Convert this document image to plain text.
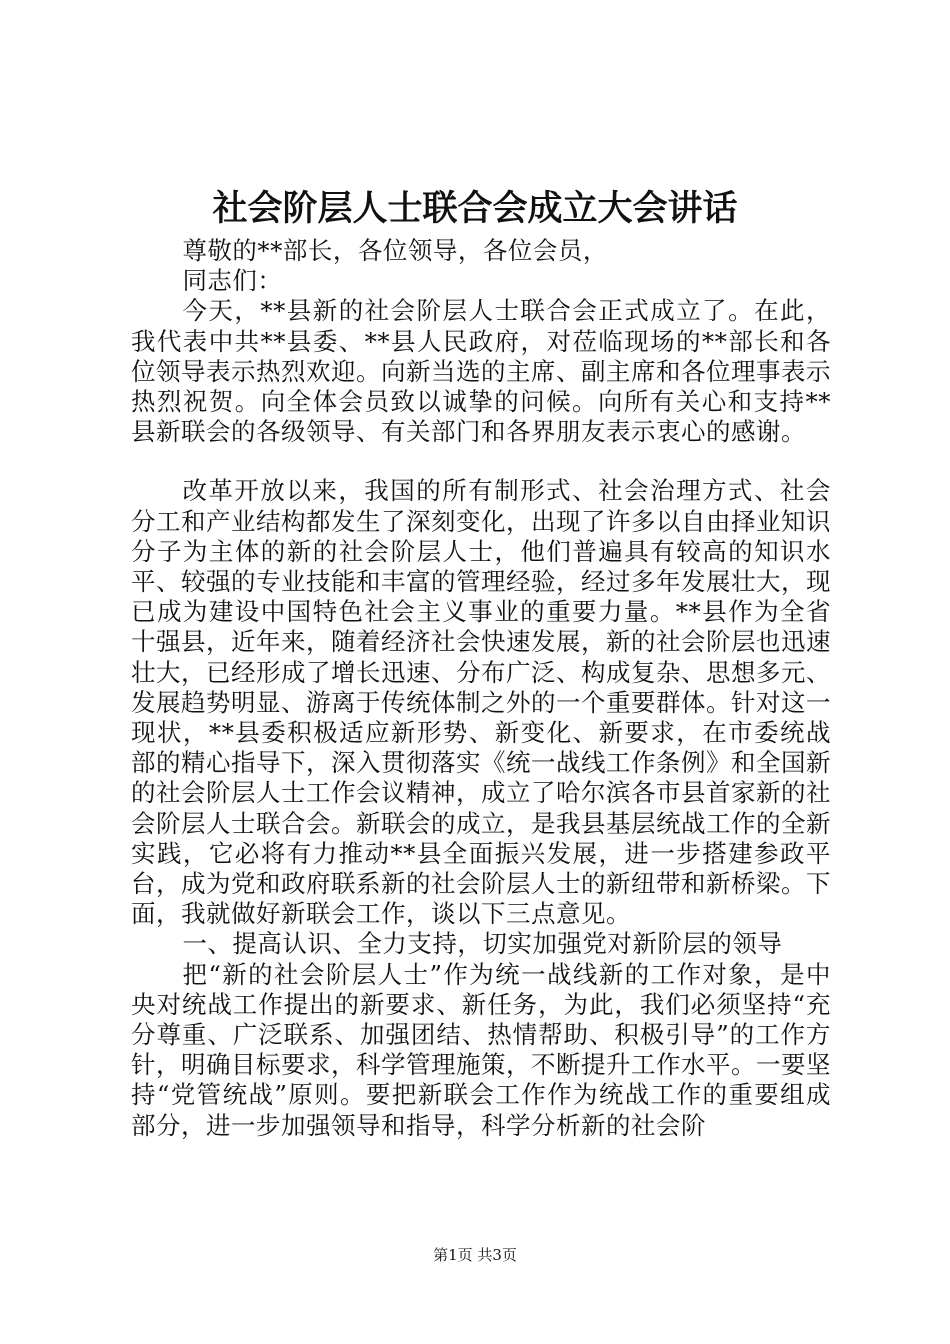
社会阶层人士联合会成立大会讲话

尊敬的**部长，各位领导，各位会员，

同志们：

今天，**县新的社会阶层人士联合会正式成立了。在此，我代表中共**县委、**县人民政府，对莅临现场的**部长和各位领导表示热烈欢迎。向新当选的主席、副主席和各位理事表示热烈祝贺。向全体会员致以诚挚的问候。向所有关心和支持**县新联会的各级领导、有关部门和各界朋友表示衷心的感谢。

改革开放以来，我国的所有制形式、社会治理方式、社会分工和产业结构都发生了深刻变化，出现了许多以自由择业知识分子为主体的新的社会阶层人士，他们普遍具有较高的知识水平、较强的专业技能和丰富的管理经验，经过多年发展壮大，现已成为建设中国特色社会主义事业的重要力量。**县作为全省十强县，近年来，随着经济社会快速发展，新的社会阶层也迅速壮大，已经形成了增长迅速、分布广泛、构成复杂、思想多元、发展趋势明显、游离于传统体制之外的一个重要群体。针对这一现状，**县委积极适应新形势、新变化、新要求，在市委统战部的精心指导下，深入贯彻落实《统一战线工作条例》和全国新的社会阶层人士工作会议精神，成立了哈尔滨各市县首家新的社会阶层人士联合会。新联会的成立，是我县基层统战工作的全新实践，它必将有力推动**县全面振兴发展，进一步搭建参政平台，成为党和政府联系新的社会阶层人士的新纽带和新桥梁。下面，我就做好新联会工作，谈以下三点意见。

一、提高认识、全力支持，切实加强党对新阶层的领导

把“新的社会阶层人士”作为统一战线新的工作对象，是中央对统战工作提出的新要求、新任务，为此，我们必须坚持“充分尊重、广泛联系、加强团结、热情帮助、积极引导”的工作方针，明确目标要求，科学管理施策，不断提升工作水平。一要坚持“党管统战”原则。要把新联会工作作为统战工作的重要组成部分，进一步加强领导和指导，科学分析新的社会阶

第1页 共3页
